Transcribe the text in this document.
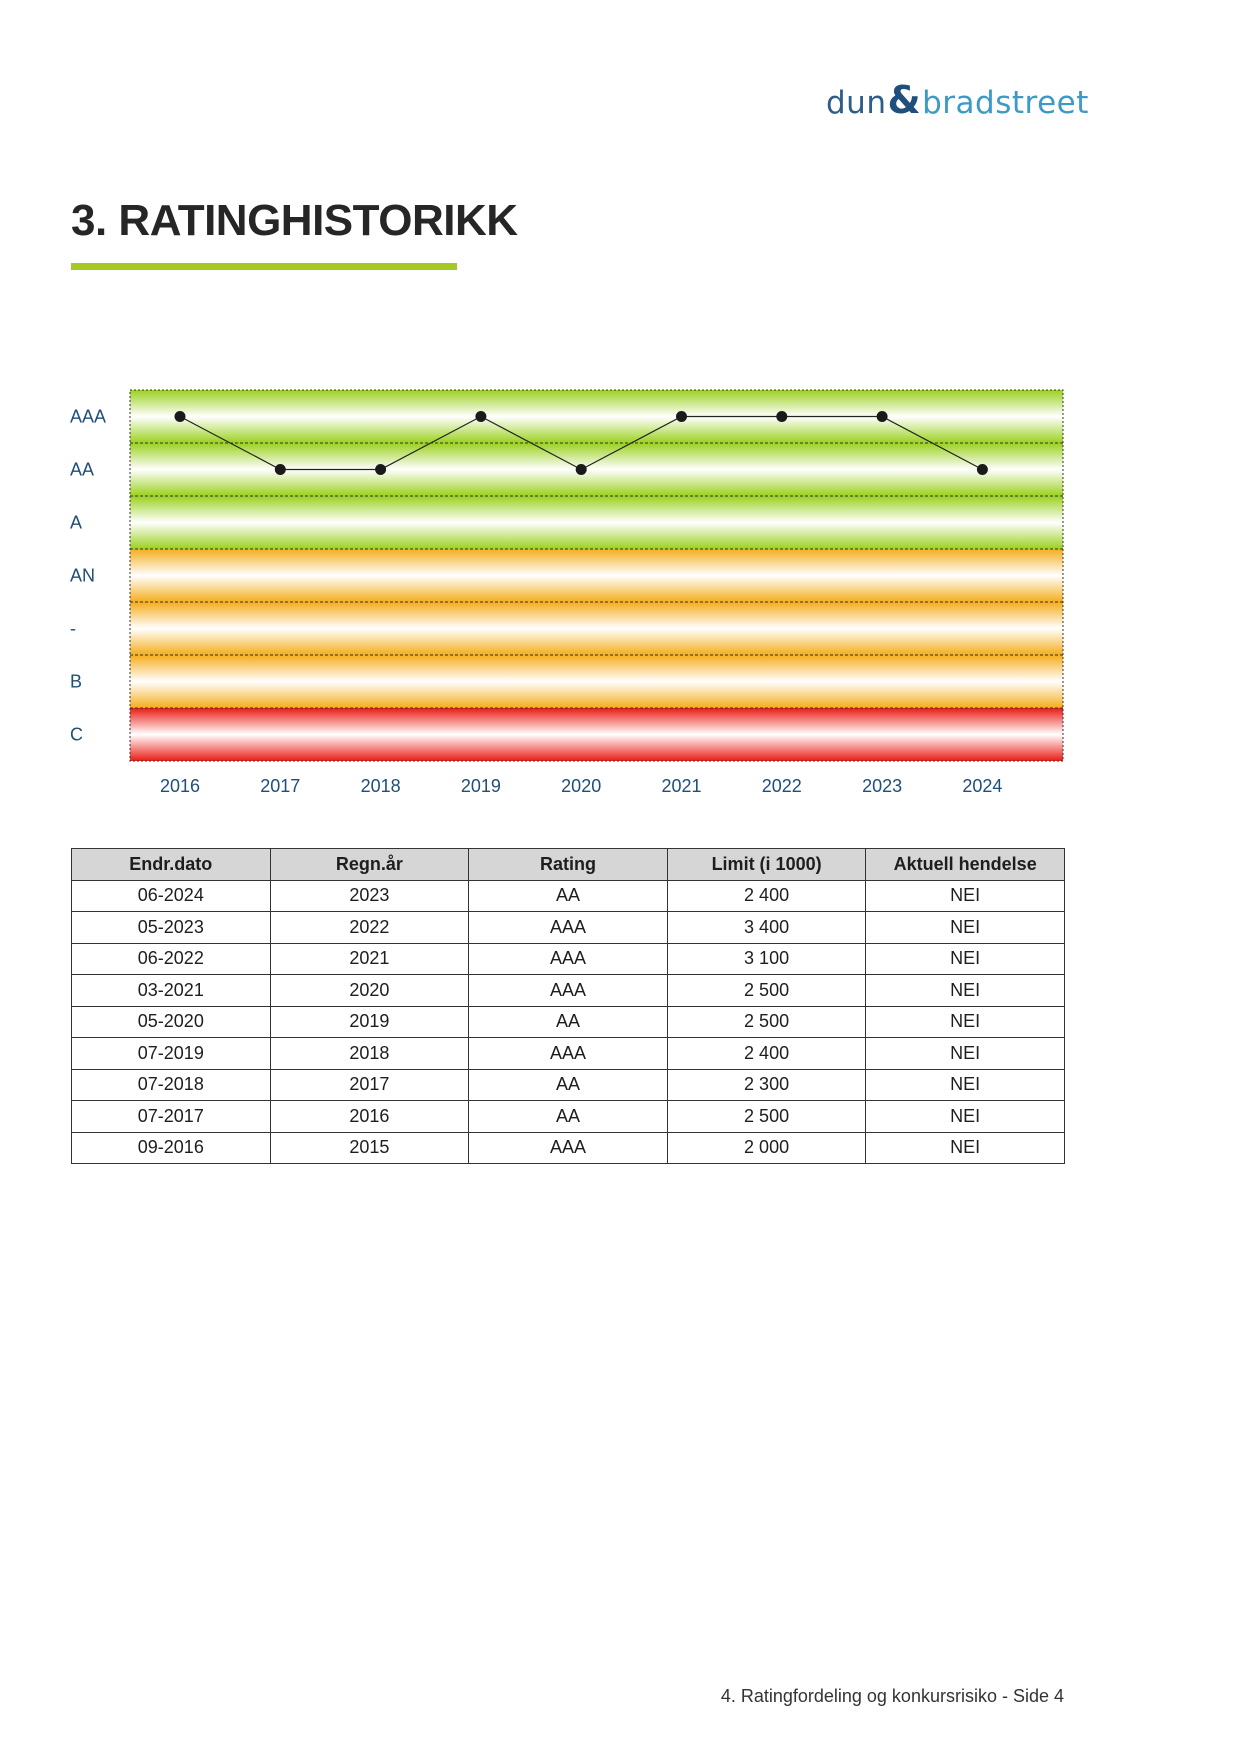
dun&bradstreet
3. RATINGHISTORIKK
AAA
AA
A
AN
-
B
C
2016	2017	2018	2019	2020	2021	2022	2023	2024
Endr.dato	Regn.år	Rating	Limit (i 1000)	Aktuell hendelse
06-2024	2023	AA	2 400	NEI
05-2023	2022	AAA	3 400	NEI
06-2022	2021	AAA	3 100	NEI
03-2021	2020	AAA	2 500	NEI
05-2020	2019	AA	2 500	NEI
07-2019	2018	AAA	2 400	NEI
07-2018	2017	AA	2 300	NEI
07-2017	2016	AA	2 500	NEI
09-2016	2015	AAA	2 000	NEI
4. Ratingfordeling og konkursrisiko - Side 4
